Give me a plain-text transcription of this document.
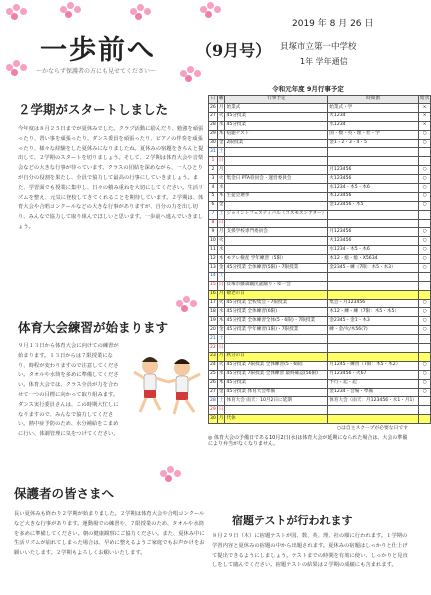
2019 年 8 月 26 日
一歩前へ	（9月号） 貝塚市立第一中学校
1年 学年通信
～かならず保護者の方にも見せてください～
令和元年度 9月行事予定
日	曜	行事予定	時間割	給食
26	月	始業式	始業式・学	×
27	火	45分授業	火1234	×
28	水	45分授業	水1234	×
29	木	宿題テスト	国・数・英・理・社・学	○
30	金	2限授業	金1・2・3・4・5	○
31	土			
1	日			
2	月		月123456	○
3	火	集金日 PTA役員会・運営委員会	火123456	○
4	水		水1234・木5・木6	○
5	木	生徒会選挙	木123456	○
6	金		金123456・木5	○
7	土	ジョイントフェスティバル（コスモスシアター）		
8	日			
9	月	支援学校専門委員会	月123456	○
10	火		火123456	○
11	水		水1234・木5・木6	○
12	木	モアレ検査 学年練習（5限）	木12・総・総・X5634	○
13	金	45分授業 全体練習(5限)・7限授業	金2345・練（7限：木5・木3）	○
14	土			
15	日	貝塚市藤森踊民謡踊り・ゆ一会		
16	月	敬老の日		
17	火	45分授業 全校集会・7限授業	集会・月123456	○
18	水	45分授業 全体練習(6限)	木12・練・練（7限：木5・木5）	○
19	木	45分授業 全体練習全体(5・6限)・7限授業	金2345・金1・木3	○
20	金	45分授業 学年練習(1限)・7限授業	練・金/火/木56(7)	○
21	土			
22	日			
23	月	秋分の日		
24	火	45分授業 7限授業 全体練習(5・6限)	月1245・練習（7限：木5・木2）	○
25	水	45分授業 7限授業 全体練習 最終確認(56限)	月123456・火67	○
26	木	45分授業	予行・起・起	○
27	金	45分授業 体育大会準備	金1234・会場・準備	○
28	土	体育大会 雨天：10月2日に延期	体育大会（雨天：月123456・水1・月1）	
29	日			
30	月	代休		
○は自主スクープが必要な日です
◎ 体育大会の予備日である10月2日(水)は体育大会が延期になられた場合は、大会の準備により弁当がなくなりません。
２学期がスタートしました
今年度は８月２５日までが夏休みでした。クラブ活動に励んだり、勉強を頑張ったり、習い事を頑張ったり、ダンス委員を頑張ったり、ピアノの伴奏を頑張ったり、様々な経験をした夏休みになりましたね。夏休みの宿題をきちんと提出して、２学期のスタートを切りましょう。そして、２学期は体育大会や音楽会などの大きな行事が待っています。クラスの団結を深めながら、一人ひとりが自分の役割を果たし、全員で協力して最高の行事にしていきましょう。また、学習面でも授業に集中し、日々の積み重ねを大切にしてください。生活リズムを整え、元気に登校してきてくれることを期待しています。２学期は、体育大会や合唱コンクールなどの大きな行事がありますが、自分の力を出し切り、みんなで協力して取り組んでほしいと思います。一歩前へ進んでいきましょう。
体育大会練習が始まります
９月１３日から体育大会に向けての練習が始まります。１３日からは７限授業になり、時程が変わりますので注意してください。タオルや水筒を多めに準備してください。体育大会では、クラス全員が力を合わせて一つの目標に向かって取り組みます。ダンス実行委員さんは、この時期大忙しになりますので、みんなで協力してください。熱中症予防のため、水分補給をこまめに行い、体調管理に気をつけてください。
保護者の皆さまへ
長い夏休みも終わり２学期が始まりました。２学期は体育大会や合唱コンクールなど大きな行事があります。運動場での練習や、７限授業のため、タオルや水筒を多めに準備してください。朝の健康観察にご協力ください。また、夏休み中に生活リズムが崩れてしまった場合は、早めに整えるようご家庭でもお声かけをお願いいたします。２学期もよろしくお願いいたします。
宿題テストが行われます
８月２９日（木）に宿題テストが国、数、英、理、社の順に行われます。１学期の学習内容と夏休みの宿題の中から出題されます。夏休みの宿題はしっかりと仕上げて提出できるようにしましょう。テストまでの時間を有効に使い、しっかりと見直しをして臨んでください。宿題テストの結果は２学期の成績にも含まれます。
